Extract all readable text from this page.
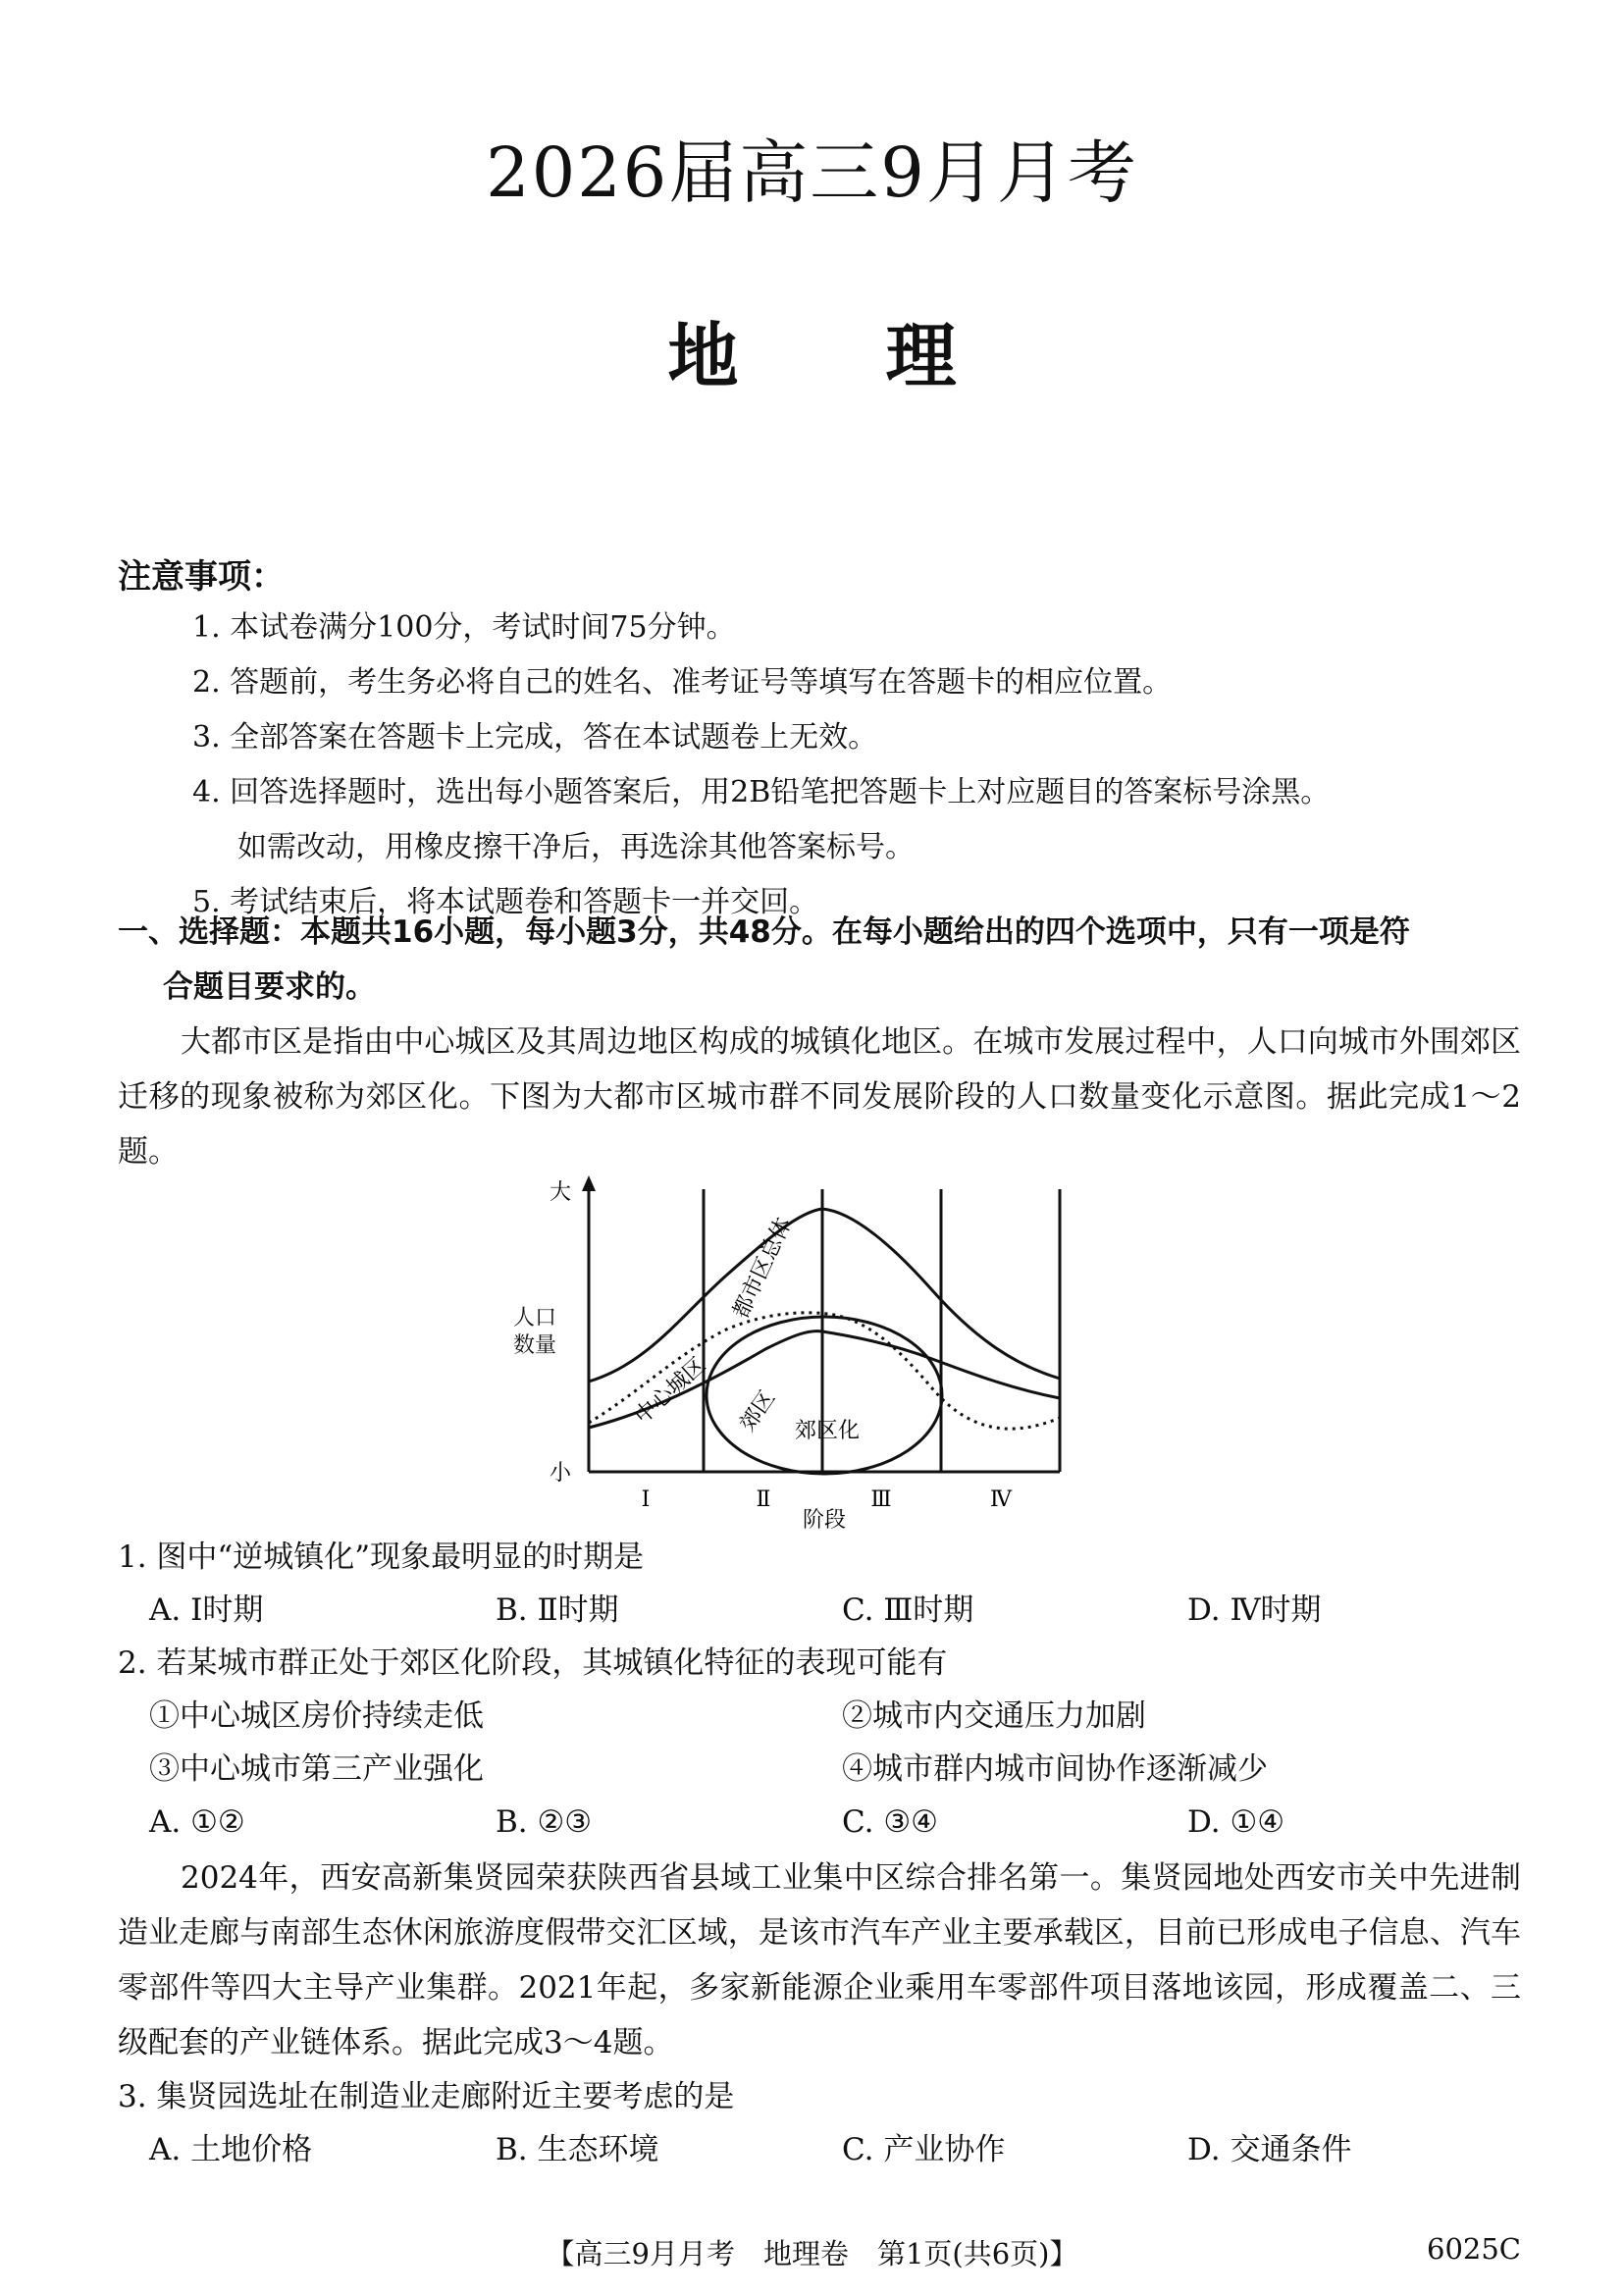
2026届高三9月月考
地理
注意事项：
1. 本试卷满分100分，考试时间75分钟。
2. 答题前，考生务必将自己的姓名、准考证号等填写在答题卡的相应位置。
3. 全部答案在答题卡上完成，答在本试题卷上无效。
4. 回答选择题时，选出每小题答案后，用2B铅笔把答题卡上对应题目的答案标号涂黑。
如需改动，用橡皮擦干净后，再选涂其他答案标号。
5. 考试结束后，将本试题卷和答题卡一并交回。
一、选择题：本题共16小题，每小题3分，共48分。在每小题给出的四个选项中，只有一项是符
合题目要求的。
大都市区是指由中心城区及其周边地区构成的城镇化地区。在城市发展过程中，人口向城市外围郊区迁移的现象被称为郊区化。下图为大都市区城市群不同发展阶段的人口数量变化示意图。据此完成1～2题。
大
小
Ⅰ	Ⅱ	Ⅲ	Ⅳ
阶段
都市区总体
中心城区 郊区 郊区化
人口
数量
1. 图中“逆城镇化”现象最明显的时期是
A. Ⅰ时期	B. Ⅱ时期	C. Ⅲ时期	D. Ⅳ时期
2. 若某城市群正处于郊区化阶段，其城镇化特征的表现可能有
①中心城区房价持续走低	②城市内交通压力加剧
③中心城市第三产业强化	④城市群内城市间协作逐渐减少
A. ①②	B. ②③	C. ③④	D. ①④
2024年，西安高新集贤园荣获陕西省县域工业集中区综合排名第一。集贤园地处西安市关中先进制造业走廊与南部生态休闲旅游度假带交汇区域，是该市汽车产业主要承载区，目前已形成电子信息、汽车零部件等四大主导产业集群。2021年起，多家新能源企业乘用车零部件项目落地该园，形成覆盖二、三级配套的产业链体系。据此完成3～4题。
3. 集贤园选址在制造业走廊附近主要考虑的是
A. 土地价格	B. 生态环境	C. 产业协作	D. 交通条件
【高三9月月考　地理卷　第1页(共6页)】	6025C
